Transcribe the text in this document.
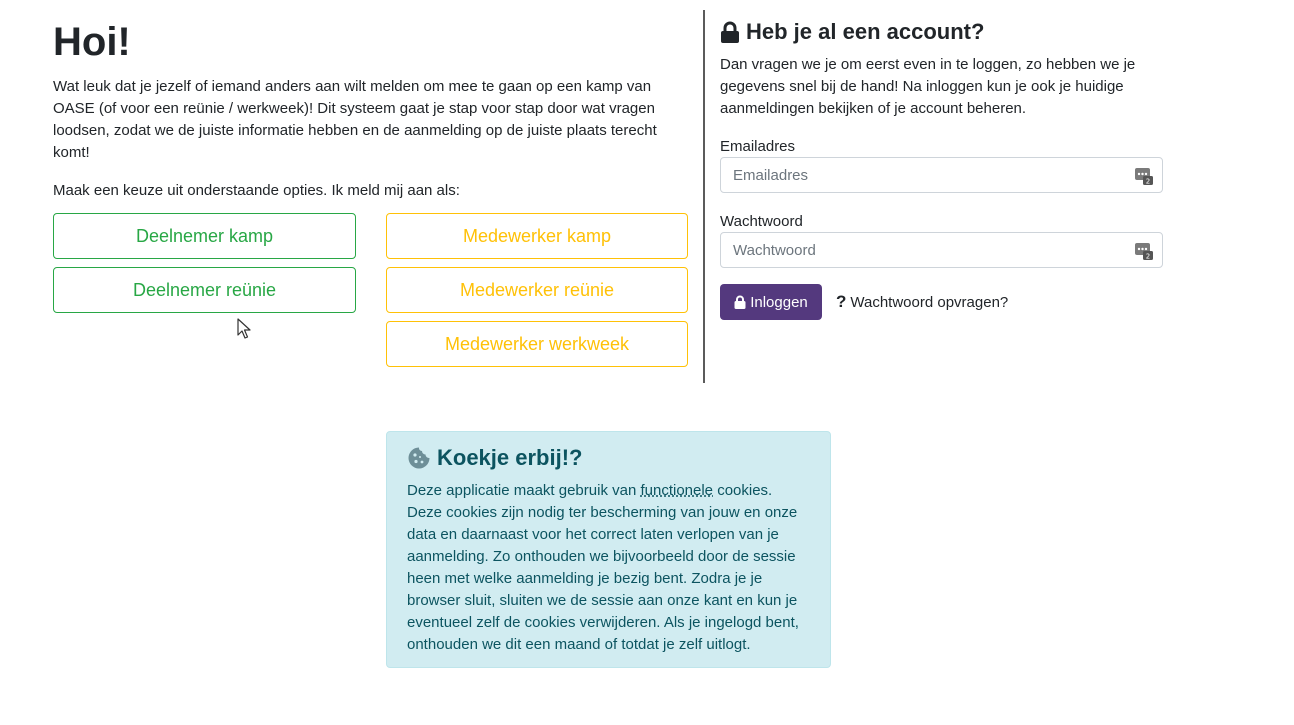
Hoi!

Wat leuk dat je jezelf of iemand anders aan wilt melden om mee te gaan op een kamp van OASE (of voor een reünie / werkweek)! Dit systeem gaat je stap voor stap door wat vragen loodsen, zodat we de juiste informatie hebben en de aanmelding op de juiste plaats terecht komt!

Maak een keuze uit onderstaande opties. Ik meld mij aan als:

Deelnemer kamp
Deelnemer reünie
Medewerker kamp
Medewerker reünie
Medewerker werkweek
Heb je al een account?

Dan vragen we je om eerst even in te loggen, zo hebben we je gegevens snel bij de hand! Na inloggen kun je ook je huidige aanmeldingen bekijken of je account beheren.

Emailadres
Emailadres
2
Wachtwoord
2
Inloggen ? Wachtwoord opvragen?
Koekje erbij!?

Deze applicatie maakt gebruik van functionele cookies. Deze cookies zijn nodig ter bescherming van jouw en onze data en daarnaast voor het correct laten verlopen van je aanmelding. Zo onthouden we bijvoorbeeld door de sessie heen met welke aanmelding je bezig bent. Zodra je je browser sluit, sluiten we de sessie aan onze kant en kun je eventueel zelf de cookies verwijderen. Als je ingelogd bent, onthouden we dit een maand of totdat je zelf uitlogt.
